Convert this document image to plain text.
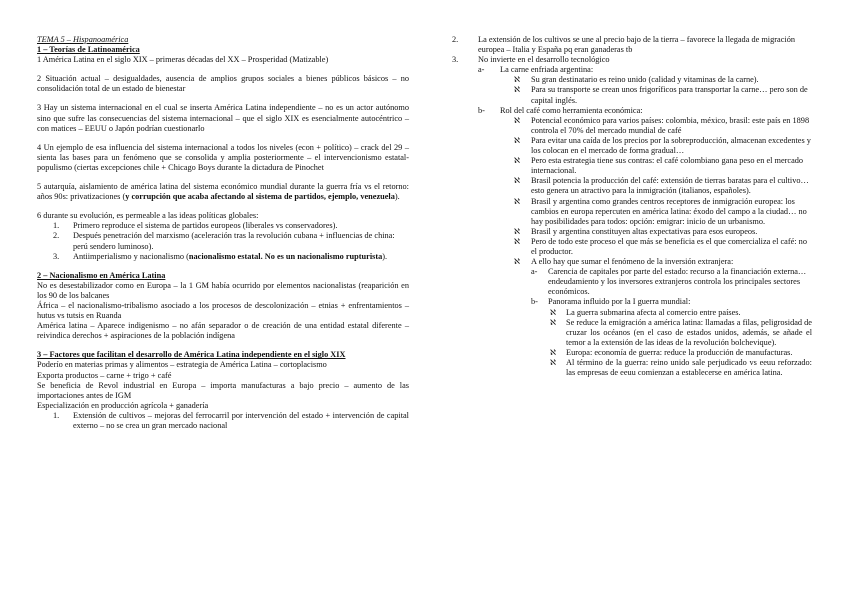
TEMA 5 – Hispanoamérica

1 – Teorías de Latinoamérica

1 América Latina en el siglo XIX – primeras décadas del XX – Prosperidad (Matizable)

2 Situación actual – desigualdades, ausencia de amplios grupos sociales a bienes públicos básicos – no consolidación total de un estado de bienestar

3 Hay un sistema internacional en el cual se inserta América Latina independiente – no es un actor autónomo sino que sufre las consecuencias del sistema internacional – que el siglo XIX es esencialmente autocéntrico – con matices – EEUU o Japón podrían cuestionarlo

4 Un ejemplo de esa influencia del sistema internacional a todos los niveles (econ + político) – crack del 29 – sienta las bases para un fenómeno que se consolida y amplia posteriormente – el intervencionismo estatal-populismo (ciertas excepciones chile + Chicago Boys durante la dictadura de Pinochet

5 autarquía, aislamiento de américa latina del sistema económico mundial durante la guerra fría vs el retorno: años 90s: privatizaciones (y corrupción que acaba afectando al sistema de partidos, ejemplo, venezuela).

6 durante su evolución, es permeable a las ideas políticas globales:

1.	Primero reproduce el sistema de partidos europeos (liberales vs conservadores).
2.	Después penetración del marxismo (aceleración tras la revolución cubana + influencias de china: perú sendero luminoso).
3.	Antiimperialismo y nacionalismo (nacionalismo estatal. No es un nacionalismo rupturista).

2 – Nacionalismo en América Latina

No es desestabilizador como en Europa – la 1 GM había ocurrido por elementos nacionalistas (reaparición en los 90 de los balcanes

África – el nacionalismo-tribalismo asociado a los procesos de descolonización – etnias + enfrentamientos – hutus vs tutsis en Ruanda

América latina – Aparece indigenismo – no afán separador o de creación de una entidad estatal diferente – reivindica derechos + aspiraciones de la población indígena

3 – Factores que facilitan el desarrollo de América Latina independiente en el siglo XIX

Poderío en materias primas y alimentos – estrategia de América Latina – cortoplacismo

Exporta productos – carne + trigo + café

Se beneficia de Revol industrial en Europa – importa manufacturas a bajo precio – aumento de las importaciones antes de IGM

Especialización en producción agrícola + ganadería

1.	Extensión de cultivos – mejoras del ferrocarril por intervención del estado + intervención de capital externo – no se crea un gran mercado nacional
2.	La extensión de los cultivos se une al precio bajo de la tierra – favorece la llegada de migración europea – Italia y España pq eran ganaderas tb
3.	No invierte en el desarrollo tecnológico
a-	La carne enfriada argentina:
ℵ	Su gran destinatario es reino unido (calidad y vitaminas de la carne).
ℵ	Para su transporte se crean unos frigoríficos para transportar la carne… pero son de capital inglés.
b-	Rol del café como herramienta económica:
ℵ	Potencial económico para varios países: colombia, méxico, brasil: este país en 1898 controla el 70% del mercado mundial de café
ℵ	Para evitar una caída de los precios por la sobreproducción, almacenan excedentes y los colocan en el mercado de forma gradual…
ℵ	Pero esta estrategia tiene sus contras: el café colombiano gana peso en el mercado internacional.
ℵ	Brasil potencia la producción del café: extensión de tierras baratas para el cultivo… esto genera un atractivo para la inmigración (italianos, españoles).
ℵ	Brasil y argentina como grandes centros receptores de inmigración europea: los cambios en europa repercuten en américa latina: éxodo del campo a la ciudad… no hay posibilidades para todos: opción: emigrar: inicio de un urbanismo.
ℵ	Brasil y argentina constituyen altas expectativas para esos europeos.
ℵ	Pero de todo este proceso el que más se beneficia es el que comercializa el café: no el productor.
ℵ	A ello hay que sumar el fenómeno de la inversión extranjera:
a-	Carencia de capitales por parte del estado: recurso a la financiación externa… endeudamiento y los inversores extranjeros controla los principales sectores económicos.
b-	Panorama influido por la I guerra mundial:
ℵ	La guerra submarina afecta al comercio entre países.
ℵ	Se reduce la emigración a américa latina: llamadas a filas, peligrosidad de cruzar los océanos (en el caso de estados unidos, además, se añade el temor a la extensión de las ideas de la revolución bolchevique).
ℵ	Europa: economía de guerra: reduce la producción de manufacturas.
ℵ	Al término de la guerra: reino unido sale perjudicado vs eeuu reforzado: las empresas de eeuu comienzan a establecerse en américa latina.
